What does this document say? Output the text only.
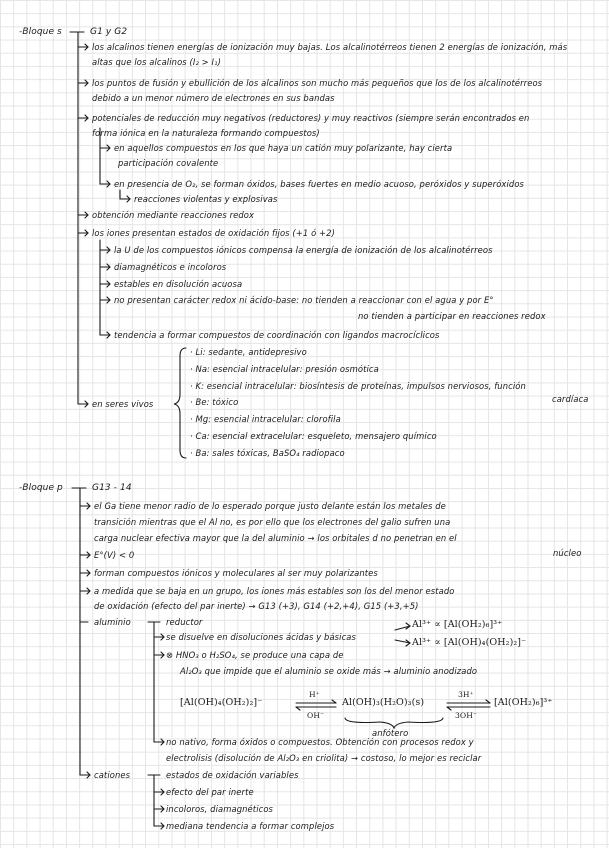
-Bloque s	G1 y G2
los alcalinos tienen energías de ionización muy bajas. Los alcalinotérreos tienen 2 energías de ionización, más
altas que los alcalinos (I₂ > I₁)
los puntos de fusión y ebullición de los alcalinos son mucho más pequeños que los de los alcalinotérreos
debido a un menor número de electrones en sus bandas
potenciales de reducción muy negativos (reductores) y muy reactivos (siempre serán encontrados en
forma iónica en la naturaleza formando compuestos)
en aquellos compuestos en los que haya un catión muy polarizante, hay cierta
participación covalente
en presencia de O₂, se forman óxidos, bases fuertes en medio acuoso, peróxidos y superóxidos
reacciones violentas y explosivas
obtención mediante reacciones redox
los iones presentan estados de oxidación fijos (+1 ó +2)
la U de los compuestos iónicos compensa la energía de ionización de los alcalinotérreos
diamagnéticos e incoloros
estables en disolución acuosa
no presentan carácter redox ni ácido-base: no tienden a reaccionar con el agua y por E°
no tienden a participar en reacciones redox
tendencia a formar compuestos de coordinación con ligandos macrocíclicos
en seres vivos
· Li: sedante, antidepresivo
· Na: esencial intracelular: presión osmótica
· K: esencial intracelular: biosíntesis de proteínas, impulsos nerviosos, función
cardíaca
· Be: tóxico
· Mg: esencial intracelular: clorofila
· Ca: esencial extracelular: esqueleto, mensajero químico
· Ba: sales tóxicas, BaSO₄ radiopaco
-Bloque p	G13 - 14
el Ga tiene menor radio de lo esperado porque justo delante están los metales de
transición mientras que el Al no, es por ello que los electrones del galio sufren una
carga nuclear efectiva mayor que la del aluminio → los orbitales d no penetran en el
E°(V) < 0	núcleo
forman compuestos iónicos y moleculares al ser muy polarizantes
a medida que se baja en un grupo, los iones más estables son los del menor estado
de oxidación (efecto del par inerte) → G13 (+3), G14 (+2,+4), G15 (+3,+5)
aluminio	reductor
se disuelve en disoluciones ácidas y básicas
Al³⁺ ∝ [Al(OH₂)₆]³⁺
Al³⁺ ∝ [Al(OH)₄(OH₂)₂]⁻
⊗ HNO₃ o H₂SO₄, se produce una capa de
Al₂O₃ que impide que el aluminio se oxide más → aluminio anodizado
[Al(OH)₄(OH₂)₂]⁻
H⁺
OH⁻
Al(OH)₃(H₂O)₃(s)
3H⁺
3OH⁻
[Al(OH₂)₆]³⁺
anfótero
no nativo, forma óxidos o compuestos. Obtención con procesos redox y
electrolisis (disolución de Al₂O₃ en criolita) → costoso, lo mejor es reciclar
cationes	estados de oxidación variables
efecto del par inerte
incoloros, diamagnéticos
mediana tendencia a formar complejos
